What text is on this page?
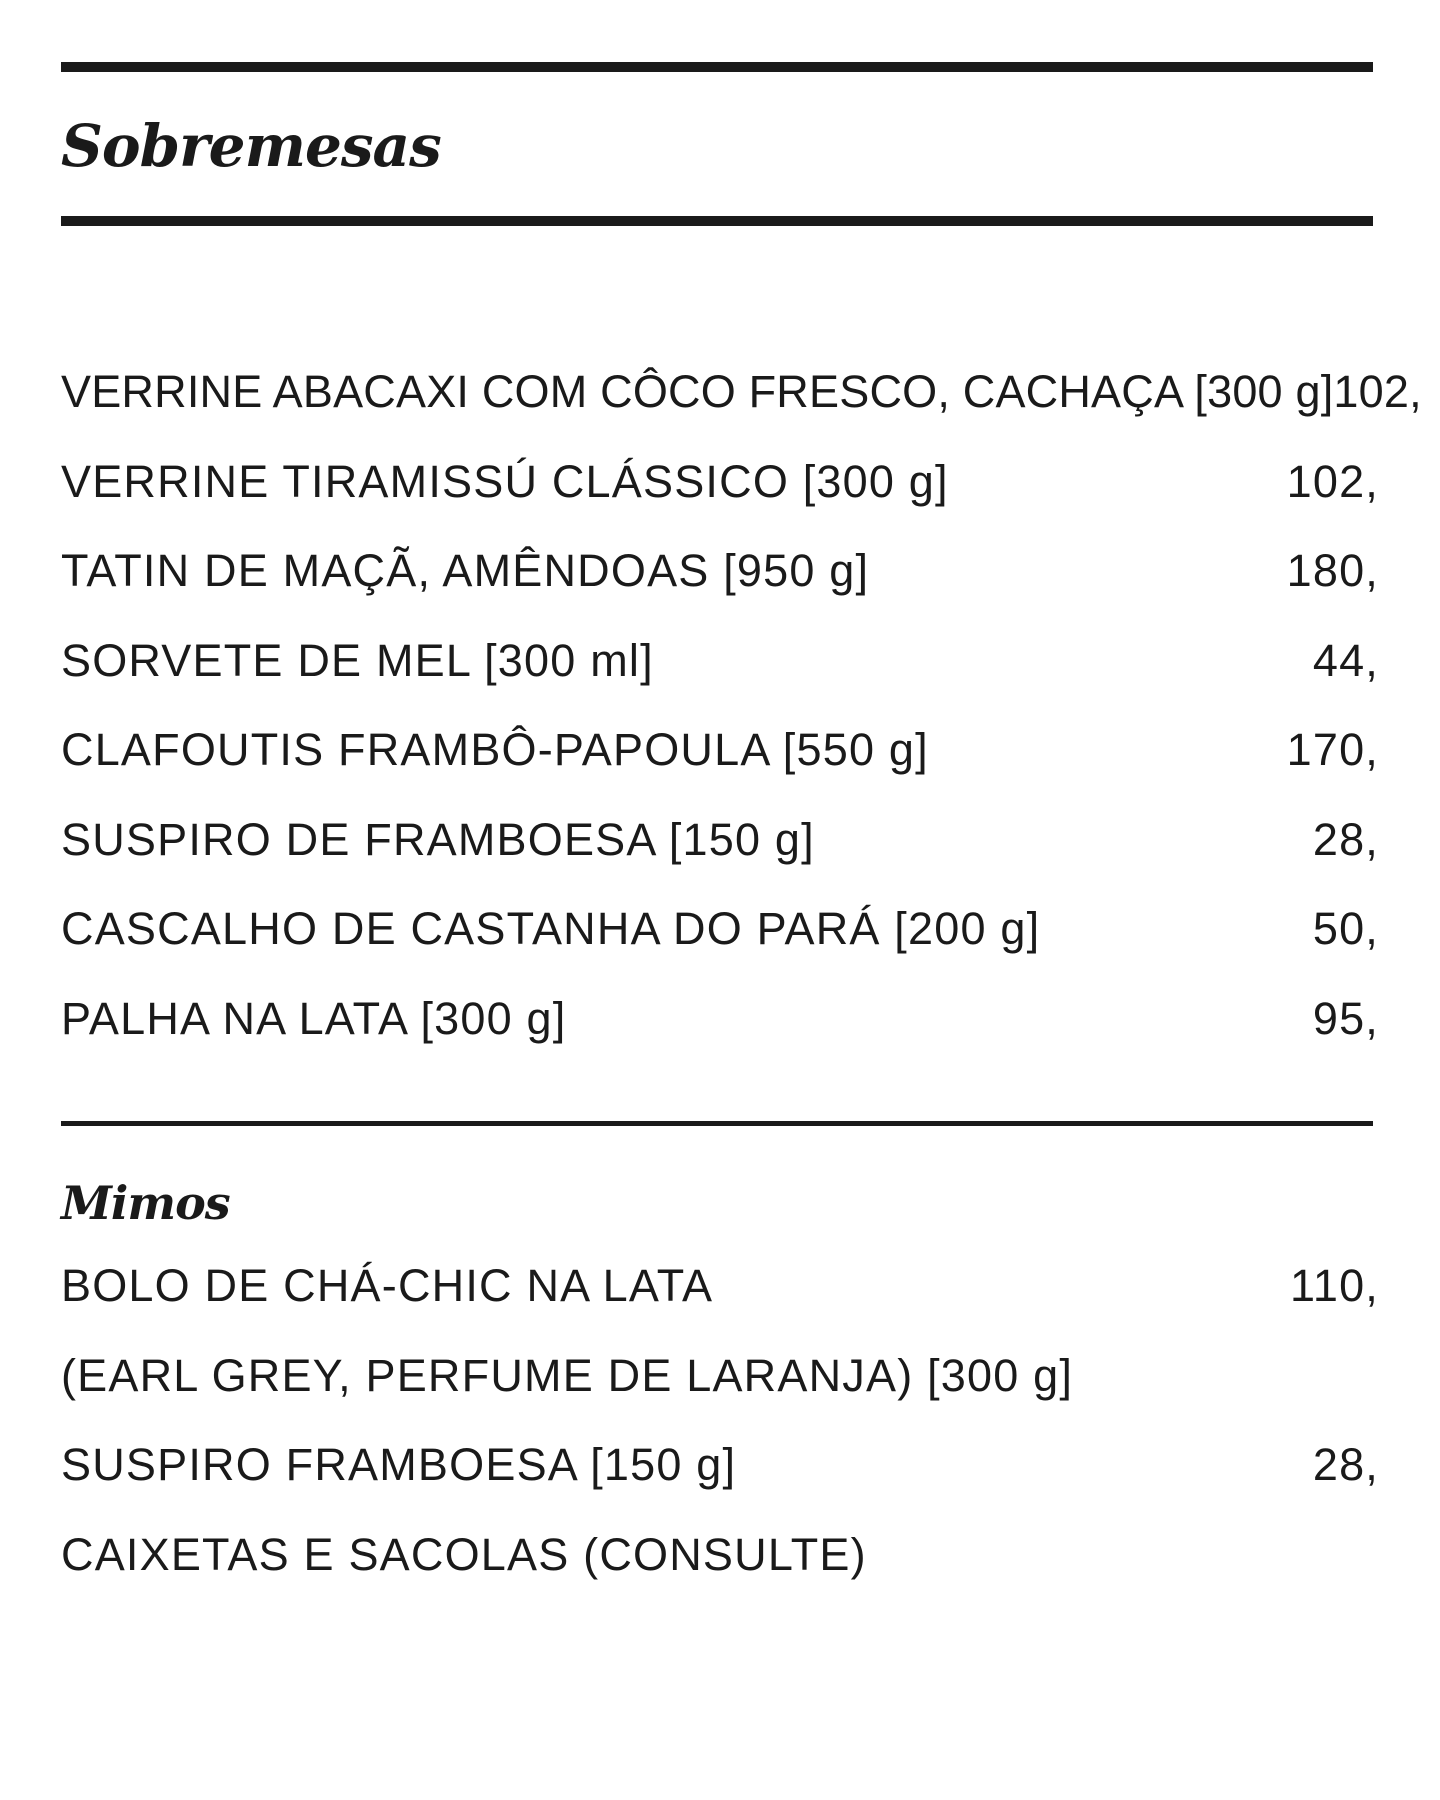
Sobremesas
VERRINE ABACAXI COM CÔCO FRESCO, CACHAÇA [300 g] 102,
VERRINE TIRAMISSÚ CLÁSSICO [300 g]	102,
TATIN DE MAÇÃ, AMÊNDOAS [950 g]	180,
SORVETE DE MEL [300 ml]	44,
CLAFOUTIS FRAMBÔ-PAPOULA [550 g]	170,
SUSPIRO DE FRAMBOESA [150 g]	28,
CASCALHO DE CASTANHA DO PARÁ [200 g]	50,
PALHA NA LATA [300 g]	95,
Mimos
BOLO DE CHÁ-CHIC NA LATA	110,
(EARL GREY, PERFUME DE LARANJA) [300 g]
SUSPIRO FRAMBOESA [150 g]	28,
CAIXETAS E SACOLAS (CONSULTE)
